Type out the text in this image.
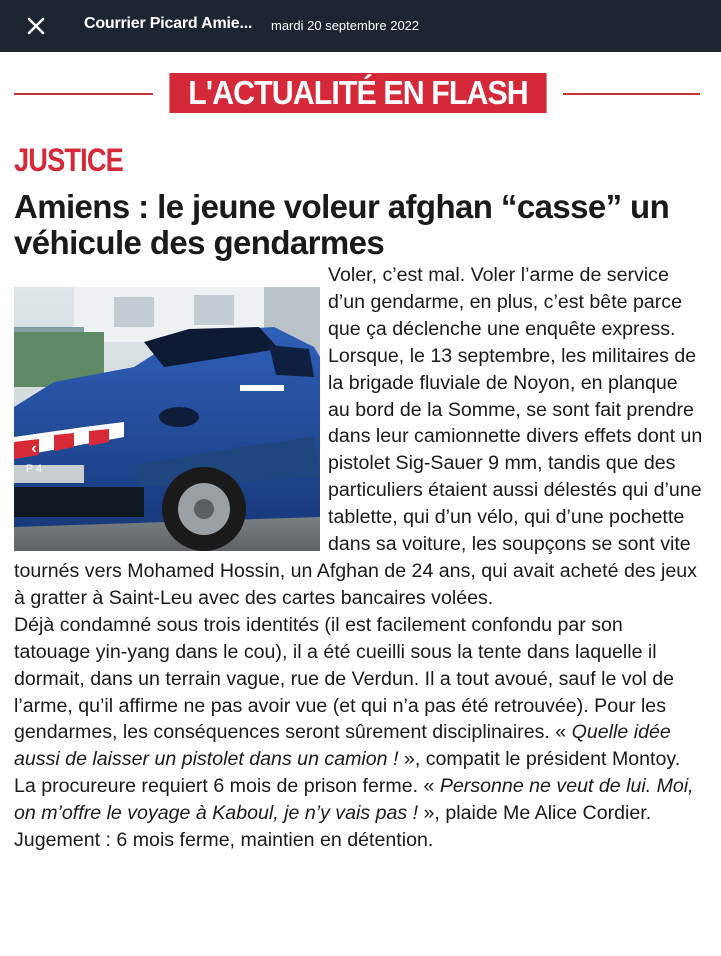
Courrier Picard Amie... mardi 20 septembre 2022
L'ACTUALITÉ EN FLASH
JUSTICE
Amiens : le jeune voleur afghan “casse” un véhicule des gendarmes

Voler, c’est mal. Voler l’arme de service d’un gendarme, en plus, c’est bête parce que ça déclenche une enquête express. Lorsque, le 13 septembre, les militaires de la brigade fluviale de Noyon, en planque au bord de la Somme, se sont fait prendre dans leur camionnette divers effets dont un pistolet Sig-Sauer 9 mm, tandis que des particuliers étaient aussi délestés qui d’une tablette, qui d’un vélo, qui d’une pochette dans sa voiture, les soupçons se sont vite tournés vers Mohamed Hossin, un Afghan de 24 ans, qui avait acheté des jeux à gratter à Saint-Leu avec des cartes bancaires volées.

Déjà condamné sous trois identités (il est facilement confondu par son tatouage yin-yang dans le cou), il a été cueilli sous la tente dans laquelle il dormait, dans un terrain vague, rue de Verdun. Il a tout avoué, sauf le vol de l’arme, qu’il affirme ne pas avoir vue (et qui n’a pas été retrouvée). Pour les gendarmes, les conséquences seront sûrement disciplinaires. « Quelle idée aussi de laisser un pistolet dans un camion ! », compatit le président Montoy. La procureure requiert 6 mois de prison ferme. « Personne ne veut de lui. Moi, on m’offre le voyage à Kaboul, je n’y vais pas ! », plaide Me Alice Cordier. Jugement : 6 mois ferme, maintien en détention.

‹
P 4
